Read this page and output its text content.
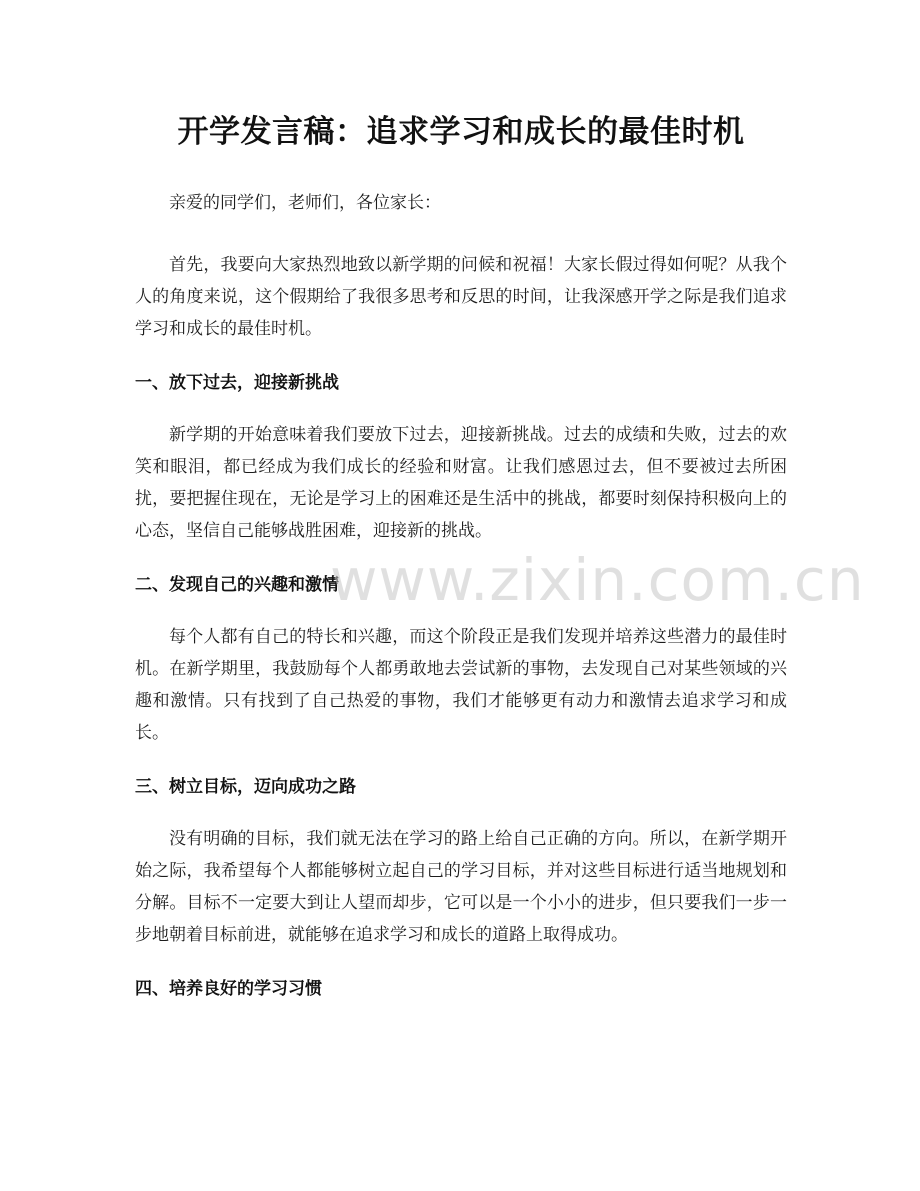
开学发言稿：追求学习和成长的最佳时机

亲爱的同学们，老师们，各位家长：

首先，我要向大家热烈地致以新学期的问候和祝福！大家长假过得如何呢？从我个人的角度来说，这个假期给了我很多思考和反思的时间，让我深感开学之际是我们追求学习和成长的最佳时机。

一、放下过去，迎接新挑战

新学期的开始意味着我们要放下过去，迎接新挑战。过去的成绩和失败，过去的欢笑和眼泪，都已经成为我们成长的经验和财富。让我们感恩过去，但不要被过去所困扰，要把握住现在，无论是学习上的困难还是生活中的挑战，都要时刻保持积极向上的心态，坚信自己能够战胜困难，迎接新的挑战。

二、发现自己的兴趣和激情

每个人都有自己的特长和兴趣，而这个阶段正是我们发现并培养这些潜力的最佳时机。在新学期里，我鼓励每个人都勇敢地去尝试新的事物，去发现自己对某些领域的兴趣和激情。只有找到了自己热爱的事物，我们才能够更有动力和激情去追求学习和成长。

三、树立目标，迈向成功之路

没有明确的目标，我们就无法在学习的路上给自己正确的方向。所以，在新学期开始之际，我希望每个人都能够树立起自己的学习目标，并对这些目标进行适当地规划和分解。目标不一定要大到让人望而却步，它可以是一个小小的进步，但只要我们一步一步地朝着目标前进，就能够在追求学习和成长的道路上取得成功。

四、培养良好的学习习惯
www.zixin.com.cn
